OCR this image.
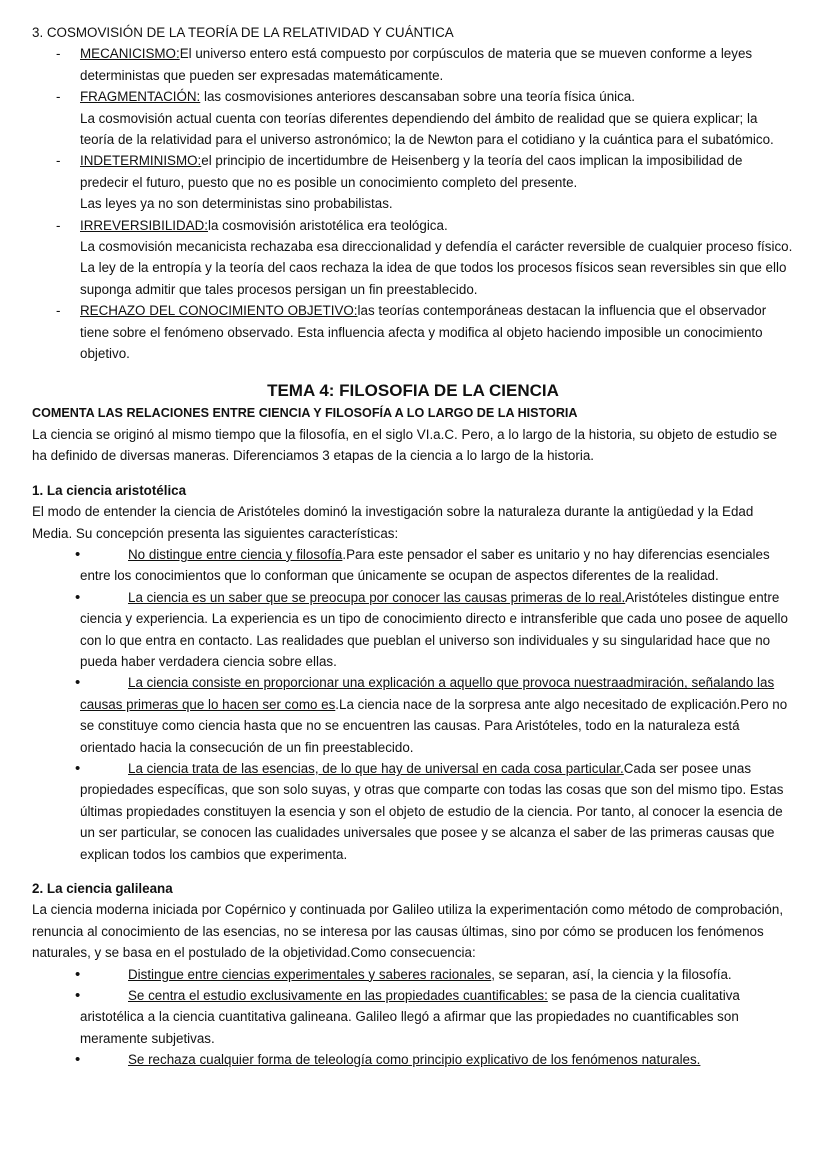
3. COSMOVISIÓN DE LA TEORÍA DE LA RELATIVIDAD Y CUÁNTICA

- MECANICISMO:El universo entero está compuesto por corpúsculos de materia que se mueven conforme a leyes deterministas que pueden ser expresadas matemáticamente.
- FRAGMENTACIÓN: las cosmovisiones anteriores descansaban sobre una teoría física única.
La cosmovisión actual cuenta con teorías diferentes dependiendo del ámbito de realidad que se quiera explicar; la teoría de la relatividad para el universo astronómico; la de Newton para el cotidiano y la cuántica para el subatómico.
- INDETERMINISMO:el principio de incertidumbre de Heisenberg y la teoría del caos implican la imposibilidad de predecir el futuro, puesto que no es posible un conocimiento completo del presente.
Las leyes ya no son deterministas sino probabilistas.
- IRREVERSIBILIDAD:la cosmovisión aristotélica era teológica.
La cosmovisión mecanicista rechazaba esa direccionalidad y defendía el carácter reversible de cualquier proceso físico.
La ley de la entropía y la teoría del caos rechaza la idea de que todos los procesos físicos sean reversibles sin que ello suponga admitir que tales procesos persigan un fin preestablecido.
- RECHAZO DEL CONOCIMIENTO OBJETIVO:las teorías contemporáneas destacan la influencia que el observador tiene sobre el fenómeno observado. Esta influencia afecta y modifica al objeto haciendo imposible un conocimiento objetivo.

TEMA 4: FILOSOFIA DE LA CIENCIA

COMENTA LAS RELACIONES ENTRE CIENCIA Y FILOSOFÍA A LO LARGO DE LA HISTORIA

La ciencia se originó al mismo tiempo que la filosofía, en el siglo VI.a.C. Pero, a lo largo de la historia, su objeto de estudio se ha definido de diversas maneras. Diferenciamos 3 etapas de la ciencia a lo largo de la historia.

1. La ciencia aristotélica

El modo de entender la ciencia de Aristóteles dominó la investigación sobre la naturaleza durante la antigüedad y la Edad Media. Su concepción presenta las siguientes características:

• No distingue entre ciencia y filosofía.Para este pensador el saber es unitario y no hay diferencias esenciales entre los conocimientos que lo conforman que únicamente se ocupan de aspectos diferentes de la realidad.
• La ciencia es un saber que se preocupa por conocer las causas primeras de lo real.Aristóteles distingue entre ciencia y experiencia. La experiencia es un tipo de conocimiento directo e intransferible que cada uno posee de aquello con lo que entra en contacto. Las realidades que pueblan el universo son individuales y su singularidad hace que no pueda haber verdadera ciencia sobre ellas.
• La ciencia consiste en proporcionar una explicación a aquello que provoca nuestraadmiración, señalando las causas primeras que lo hacen ser como es.La ciencia nace de la sorpresa ante algo necesitado de explicación.Pero no se constituye como ciencia hasta que no se encuentren las causas. Para Aristóteles, todo en la naturaleza está orientado hacia la consecución de un fin preestablecido.
• La ciencia trata de las esencias, de lo que hay de universal en cada cosa particular.Cada ser posee unas propiedades específicas, que son solo suyas, y otras que comparte con todas las cosas que son del mismo tipo. Estas últimas propiedades constituyen la esencia y son el objeto de estudio de la ciencia. Por tanto, al conocer la esencia de un ser particular, se conocen las cualidades universales que posee y se alcanza el saber de las primeras causas que explican todos los cambios que experimenta.

2. La ciencia galileana

La ciencia moderna iniciada por Copérnico y continuada por Galileo utiliza la experimentación como método de comprobación, renuncia al conocimiento de las esencias, no se interesa por las causas últimas, sino por cómo se producen los fenómenos naturales, y se basa en el postulado de la objetividad.Como consecuencia:

• Distingue entre ciencias experimentales y saberes racionales, se separan, así, la ciencia y la filosofía.
• Se centra el estudio exclusivamente en las propiedades cuantificables: se pasa de la ciencia cualitativa aristotélica a la ciencia cuantitativa galineana. Galileo llegó a afirmar que las propiedades no cuantificables son meramente subjetivas.
• Se rechaza cualquier forma de teleología como principio explicativo de los fenómenos naturales.
